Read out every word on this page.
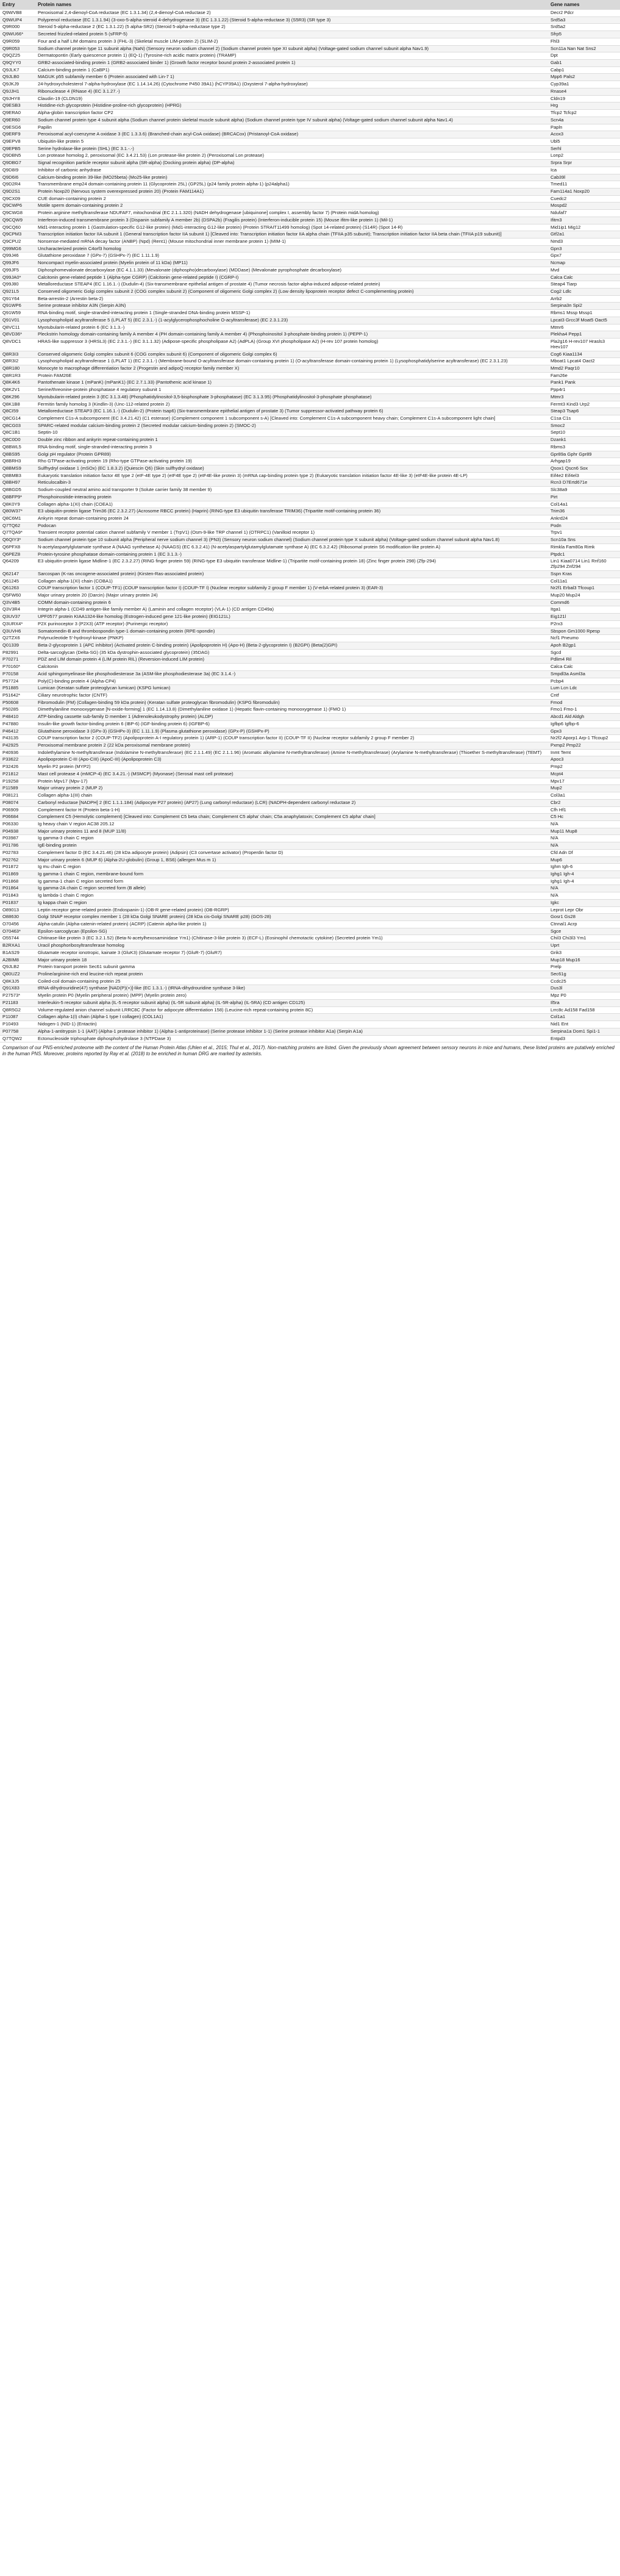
Entry	Protein names	Gene names
Q9WVB8	Peroxisomal 2,4-dienoyl-CoA reductase (EC 1.3.1.34) (2,4-dienoyl-CoA reductase 2)	Decr2 Pdcr
Q9WUP4	Polyprenol reductase (EC 1.3.1.94) (3-oxo-5-alpha-steroid 4-dehydrogenase 3) (EC 1.3.1.22) (Steroid 5-alpha-reductase 3) (S5R3) (SR type 3)	Srd5a3
Q9R000	Steroid 5-alpha-reductase 2 (EC 1.3.1.22) (5 alpha-SR2) (Steroid 5-alpha-reductase type 2)	Srd5a2
Q9WU66*	Secreted frizzled-related protein 5 (sFRP-5)	Sfrp5
Q9R059	Four and a half LIM domains protein 3 (FHL-3) (Skeletal muscle LIM-protein 2) (SLIM-2)	Fhl3
Q9R053	Sodium channel protein type 11 subunit alpha (NaN) (Sensory neuron sodium channel 2) (Sodium channel protein type XI subunit alpha) (Voltage-gated sodium channel subunit alpha Nav1.9)	Scn11a Nan Nat Sns2
Q9QZ25	Dermatopontin (Early quiescence protein 1) (EQ-1) (Tyrosine-rich acidic matrix protein) (TRAMP)	Dpt
Q9QYY0	GRB2-associated-binding protein 1 (GRB2-associated binder 1) (Growth factor receptor bound protein 2-associated protein 1)	Gab1
Q9JLK7	Calcium-binding protein 1 (CaBP1)	Cabp1
Q9JLB0	MAGUK p55 subfamily member 6 (Protein associated with Lin-7 1)	Mpp6 Pals2
Q9JKJ9	24-hydroxycholesterol 7-alpha-hydroxylase (EC 1.14.14.26) (Cytochrome P450 39A1) (hCYP39A1) (Oxysterol 7-alpha-hydroxylase)	Cyp39a1
Q9JJH1	Ribonuclease 4 (RNase 4) (EC 3.1.27.-)	Rnase4
Q9JHY8	Claudin-19 (CLDN19)	Cldn19
Q9ESB3	Histidine-rich glycoprotein (Histidine-proline-rich glycoprotein) (HPRG)	Hrg
Q9ERA0	Alpha-globin transcription factor CP2	Tfcp2 Tcfcp2
Q9ER60	Sodium channel protein type 4 subunit alpha (Sodium channel protein skeletal muscle subunit alpha) (Sodium channel protein type IV subunit alpha) (Voltage-gated sodium channel subunit alpha Nav1.4)	Scn4a
Q9ESG6	Papilin	Papln
Q9ERF9	Peroxisomal acyl-coenzyme A oxidase 3 (EC 1.3.3.6) (Branched-chain acyl-CoA oxidase) (BRCACox) (Pristanoyl-CoA oxidase)	Acox3
Q9EPV8	Ubiquitin-like protein 5	Ubl5
Q9EPB5	Serine hydrolase-like protein (SHL) (EC 3.1.-.-)	Serhl
Q9DBN5	Lon protease homolog 2, peroxisomal (EC 3.4.21.53) (Lon protease-like protein 2) (Peroxisomal Lon protease)	Lonp2
Q9DBG7	Signal recognition particle receptor subunit alpha (SR-alpha) (Docking protein alpha) (DP-alpha)	Srpra Srpr
Q9D8I9	Inhibitor of carbonic anhydrase	Ica
Q9D6I6	Calcium-binding protein 39-like (MO25beta) (Mo25-like protein)	Cab39l
Q9D2R4	Transmembrane emp24 domain-containing protein 11 (Glycoprotein 25L) (GP25L) (p24 family protein alpha-1) (p24alpha1)	Tmed11
Q9D2S1	Protein Noxp20 (Nervous system overexpressed protein 20) (Protein FAM114A1)	Fam114a1 Noxp20
Q9CX09	CUE domain-containing protein 2	Cuedc2
Q9CWP6	Motile sperm domain-containing protein 2	Mospd2
Q9CWG8	Protein arginine methyltransferase NDUFAF7, mitochondrial (EC 2.1.1.320) (NADH dehydrogenase [ubiquinone] complex I, assembly factor 7) (Protein midA homolog)	Ndufaf7
Q9CQW9	Interferon-induced transmembrane protein 3 (Dispanin subfamily A member 2b) (DSPA2b) (Fragilis protein) (Interferon-inducible protein 15) (Mouse ifitm-like protein 1) (Mil-1)	Ifitm3
Q9CQ60	Mid1-interacting protein 1 (Gastrulation-specific G12-like protein) (Mid1-interacting G12-like protein) (Protein STRAIT11499 homolog) (Spot 14-related protein) (S14R) (Spot 14-R)	Mid1ip1 Mig12
Q9CPM3	Transcription initiation factor IIA subunit 1 (General transcription factor IIA subunit 1) [Cleaved into: Transcription initiation factor IIA alpha chain (TFIIA p35 subunit); Transcription initiation factor IIA beta chain (TFIIA p19 subunit)]	Gtf2a1
Q9CPU2	Nonsense-mediated mRNA decay factor (ANBP) (Npd) (Rent1) (Mouse mitochondrial inner membrane protein 1) (MIM-1)	Nmd3
Q99MG6	Uncharacterized protein C4orf3 homolog	Gpn3
Q99J46	Glutathione peroxidase 7 (GPx-7) (GSHPx-7) (EC 1.11.1.9)	Gpx7
Q99JF6	Noncompact myelin-associated protein (Myelin protein of 11 kDa) (MP11)	Ncmap
Q99JF5	Diphosphomevalonate decarboxylase (EC 4.1.1.33) (Mevalonate (diphospho)decarboxylase) (MDDase) (Mevalonate pyrophosphate decarboxylase)	Mvd
Q99JA0*	Calcitonin gene-related peptide 1 (Alpha-type CGRP) (Calcitonin gene-related peptide I) (CGRP-I)	Calca Calc
Q99J80	Metalloreductase STEAP4 (EC 1.16.1.-) (Dudulin-4) (Six-transmembrane epithelial antigen of prostate 4) (Tumor necrosis factor-alpha-induced adipose-related protein)	Steap4 Tiarp
Q921L5	Conserved oligomeric Golgi complex subunit 2 (COG complex subunit 2) (Component of oligomeric Golgi complex 2) (Low density lipoprotein receptor defect C-complementing protein)	Cog2 Ldlc
Q91Y64	Beta-arrestin-2 (Arrestin beta-2)	Arrb2
Q91WP6	Serine protease inhibitor A3N (Serpin A3N)	Serpina3n Spi2
Q91W59	RNA-binding motif, single-stranded-interacting protein 1 (Single-stranded DNA-binding protein MSSP-1)	Rbms1 Mssp Mssp1
Q91V01	Lysophospholipid acyltransferase 5 (LPLAT 5) (EC 2.3.1.-) (1-acylglycerophosphocholine O-acyltransferase) (EC 2.3.1.23)	Lpcat3 Grcc3f Moat5 Oact5
Q8VC11	Myotubularin-related protein 6 (EC 3.1.3.-)	Mtmr6
Q8VD36*	Pleckstrin homology domain-containing family A member 4 (PH domain-containing family A member 4) (Phosphoinositol 3-phosphate-binding protein 1) (PEPP-1)	Plekha4 Pepp1
Q8VDC1	HRAS-like suppressor 3 (HRSL3) (EC 2.3.1.-) (EC 3.1.1.32) (Adipose-specific phospholipase A2) (AdPLA) (Group XVI phospholipase A2) (H-rev 107 protein homolog)	Pla2g16 H-rev107 Hrasls3 Hrev107
Q8R3I3	Conserved oligomeric Golgi complex subunit 6 (COG complex subunit 6) (Component of oligomeric Golgi complex 6)	Cog6 Kiaa1134
Q8R3I2	Lysophospholipid acyltransferase 1 (LPLAT 1) (EC 2.3.1.-) (Membrane-bound O-acyltransferase domain-containing protein 1) (O-acyltransferase domain-containing protein 1) (Lysophosphatidylserine acyltransferase) (EC 2.3.1.23)	Mboat1 Lpcat4 Oact2
Q8R180	Monocyte to macrophage differentiation factor 2 (Progestin and adipoQ receptor family member X)	Mmd2 Paqr10
Q8R1R3	Protein FAM26E	Fam26e
Q8K4K6	Pantothenate kinase 1 (mPanK) (mPanK1) (EC 2.7.1.33) (Pantothenic acid kinase 1)	Pank1 Pank
Q8K2V1	Serine/threonine-protein phosphatase 4 regulatory subunit 1	Ppp4r1
Q8K296	Myotubularin-related protein 3 (EC 3.1.3.48) (Phosphatidylinositol-3,5-bisphosphate 3-phosphatase) (EC 3.1.3.95) (Phosphatidylinositol-3-phosphate phosphatase)	Mtmr3
Q8K1B8	Fermitin family homolog 3 (Kindlin-3) (Unc-112-related protein 2)	Fermt3 Kind3 Urp2
Q8CI59	Metalloreductase STEAP3 (EC 1.16.1.-) (Dudulin-2) (Protein tsap6) (Six-transmembrane epithelial antigen of prostate 3) (Tumor suppressor-activated pathway protein 6)	Steap3 Tsap6
Q8CG14	Complement C1s-A subcomponent (EC 3.4.21.42) (C1 esterase) (Complement component 1 subcomponent s-A) [Cleaved into: Complement C1s-A subcomponent heavy chain; Complement C1s-A subcomponent light chain]	C1sa C1s
Q8CG03	SPARC-related modular calcium-binding protein 2 (Secreted modular calcium-binding protein 2) (SMOC-2)	Smoc2
Q8C1B1	Septin-10	Sept10
Q8C0D0	Double zinc ribbon and ankyrin repeat-containing protein 1	Dzank1
Q8BWL5	RNA-binding motif, single-stranded-interacting protein 3	Rbms3
Q8BS95	Golgi pH regulator (Protein GPR89)	Gpr89a Gphr Gpr89
Q8BRH3	Rho GTPase-activating protein 19 (Rho-type GTPase-activating protein 19)	Arhgap19
Q8BMS9	Sulfhydryl oxidase 1 (mSOx) (EC 1.8.3.2) (Quiescin Q6) (Skin sulfhydryl oxidase)	Qsox1 Qscn6 Sox
Q8BMB3	Eukaryotic translation initiation factor 4E type 2 (eIF-4E type 2) (eIF4E type 2) (eIF4E-like protein 3) (mRNA cap-binding protein type 2) (Eukaryotic translation initiation factor 4E-like 3) (eIF4E-like protein 4E-LP)	Eif4e2 Eif4el3
Q8BH97	Reticulocalbin-3	Rcn3 D7Ertd671e
Q8BGD5	Sodium-coupled neutral amino acid transporter 9 (Solute carrier family 38 member 9)	Slc38a9
Q8BFP9*	Phosphoinositide-interacting protein	Pirt
Q8K0Y9	Collagen alpha-1(XI) chain (COEA1)	Col14a1
Q80W37*	E3 ubiquitin-protein ligase Trim36 (EC 2.3.2.27) (Acrosome RBCC protein) (Haprin) (RING-type E3 ubiquitin transferase TRIM36) (Tripartite motif-containing protein 36)	Trim36
Q8C6M1	Ankyrin repeat domain-containing protein 24	Ankrd24
Q7TQ62	Podocan	Podn
Q7TQA9*	Transient receptor potential cation channel subfamily V member 1 (TrpV1) (Osm-9-like TRP channel 1) (OTRPC1) (Vanilloid receptor 1)	Trpv1
Q6QIY3*	Sodium channel protein type 10 subunit alpha (Peripheral nerve sodium channel 3) (PN3) (Sensory neuron sodium channel) (Sodium channel protein type X subunit alpha) (Voltage-gated sodium channel subunit alpha Nav1.8)	Scn10a Sns
Q6PFX8	N-acetylaspartylglutamate synthase A (NAAG synthetase A) (NAAGS) (EC 6.3.2.41) (N-acetylaspartylglutamylglutamate synthase A) (EC 6.3.2.42) (Ribosomal protein S6 modification-like protein A)	Rimkla Fam80a Rimk
Q6PEZ8	Protein-tyrosine phosphatase domain-containing protein 1 (EC 3.1.3.-)	Ptpdc1
Q64209	E3 ubiquitin-protein ligase Midline-1 (EC 2.3.2.27) (RING finger protein 59) (RING-type E3 ubiquitin transferase Midline-1) (Tripartite motif-containing protein 18) (Zinc finger protein 298) (Zfp-294)	Lin1 Kiaa0714 Lin1 Rnf160 Zfp294 Znf294
Q62147	Sarcospan (K-ras oncogene-associated protein) (Kirsten-Ras-associated protein)	Sspn Kras
Q61245	Collagen alpha-1(XI) chain (COBA1)	Col11a1
Q61263	COUP transcription factor 1 (COUP-TF1) (COUP transcription factor I) (COUP-TF I) (Nuclear receptor subfamily 2 group F member 1) (V-erbA-related protein 3) (EAR-3)	Nr2f1 Erbal3 Tfcoup1
Q5FW60	Major urinary protein 20 (Darcin) (Major urinary protein 24)	Mup20 Mup24
Q3V4B5	COMM domain-containing protein 6	Commd6
Q3V3R4	Integrin alpha-1 (CD49 antigen-like family member A) (Laminin and collagen receptor) (VLA-1) (CD antigen CD49a)	Itga1
Q3UV37	UPF0577 protein KIAA1324-like homolog (Estrogen-induced gene 121-like protein) (EIG121L)	Eig121l
Q3URX4*	P2X purinoceptor 3 (P2X3) (ATP receptor) (Purinergic receptor)	P2rx3
Q3UVH6	Somatomedin-B and thrombospondin type-1 domain-containing protein (RPE-spondin)	Sbspon Gm1000 Rpesp
Q2TZX6	Polynucleotide 5'-hydroxyl-kinase (PNKP)	Ncf1 Pneumo
Q01339	Beta-2-glycoprotein 1 (APC inhibitor) (Activated protein C-binding protein) (Apolipoprotein H) (Apo-H) (Beta-2-glycoprotein I) (B2GPI) (Beta(2)GPI)	Apoh B2gp1
P82991	Delta-sarcoglycan (Delta-SG) (35 kDa dystrophin-associated glycoprotein) (35DAG)	Sgcd
P70271	PDZ and LIM domain protein 4 (LIM protein RIL) (Reversion-induced LIM protein)	Pdlim4 Ril
P70160*	Calcitonin	Calca Calc
P70158	Acid sphingomyelinase-like phosphodiesterase 3a (ASM-like phosphodiesterase 3a) (EC 3.1.4.-)	Smpdl3a Asml3a
P57724	Poly(C)-binding protein 4 (Alpha-CP4)	Pcbp4
P51885	Lumican (Keratan sulfate proteoglycan lumican) (KSPG lumican)	Lum Lcn Ldc
P51642*	Ciliary neurotrophic factor (CNTF)	Cntf
P50608	Fibromodulin (FM) (Collagen-binding 59 kDa protein) (Keratan sulfate proteoglycan fibromodulin) (KSPG fibromodulin)	Fmod
P50285	Dimethylaniline monooxygenase [N-oxide-forming] 1 (EC 1.14.13.8) (Dimethylaniline oxidase 1) (Hepatic flavin-containing monooxygenase 1) (FMO 1)	Fmo1 Fmo-1
P48410	ATP-binding cassette sub-family D member 1 (Adrenoleukodystrophy protein) (ALDP)	Abcd1 Ald Aldgh
P47880	Insulin-like growth factor-binding protein 6 (IBP-6) (IGF-binding protein 6) (IGFBP-6)	Igfbp6 Igfbp-6
P46412	Glutathione peroxidase 3 (GPx-3) (GSHPx-3) (EC 1.11.1.9) (Plasma glutathione peroxidase) (GPx-P) (GSHPx-P)	Gpx3
P43135	COUP transcription factor 2 (COUP-TF2) (Apolipoprotein A-I regulatory protein 1) (ARP-1) (COUP transcription factor II) (COUP-TF II) (Nuclear receptor subfamily 2 group F member 2)	Nr2f2 Aporp1 Arp-1 Tfcoup2
P42925	Peroxisomal membrane protein 2 (22 kDa peroxisomal membrane protein)	Pxmp2 Pmp22
P40936	Indolethylamine N-methyltransferase (Indolamine N-methyltransferase) (EC 2.1.1.49) (EC 2.1.1.96) (Aromatic alkylamine N-methyltransferase) (Amine N-methyltransferase) (Arylamine N-methyltransferase) (Thioether S-methyltransferase) (TEMT)	Inmt Temt
P33622	Apolipoprotein C-III (Apo-CIII) (ApoC-III) (Apolipoprotein C3)	Apoc3
P32426	Myelin P2 protein (MYP2)	Pmp2
P21812	Mast cell protease 4 (mMCP-4) (EC 3.4.21.-) (MSMCP) (Myonase) (Serosal mast cell protease)	Mcpt4
P19258	Protein Mpv17 (Mpv-17)	Mpv17
P11589	Major urinary protein 2 (MUP 2)	Mup2
P08121	Collagen alpha-1(III) chain	Col3a1
P08074	Carbonyl reductase [NADPH] 2 (EC 1.1.1.184) (Adipocyte P27 protein) (AP27) (Lung carbonyl reductase) (LCR) (NADPH-dependent carbonyl reductase 2)	Cbr2
P06909	Complement factor H (Protein beta-1-H)	Cfh Hf1
P06684	Complement C5 (Hemolytic complement) [Cleaved into: Complement C5 beta chain; Complement C5 alpha' chain; C5a anaphylatoxin; Complement C5 alpha' chain]	C5 Hc
P06330	Ig heavy chain V region AC38 205.12	N/A
P04938	Major urinary proteins 11 and 8 (MUP 11/8)	Mup11 Mup8
P03987	Ig gamma-3 chain C region	N/A
P01786	IgE-binding protein	N/A
P02783	Complement factor D (EC 3.4.21.46) (28 kDa adipocyte protein) (Adipsin) (C3 convertase activator) (Properdin factor D)	Cfd Adn Df
P02762	Major urinary protein 6 (MUP 6) (Alpha-2U-globulin) (Group 1, BS6) (allergen Mus m 1)	Mup6
P01872	Ig mu chain C region	Ighm Igh-6
P01869	Ig gamma-1 chain C region, membrane-bound form	Ighg1 Igh-4
P01868	Ig gamma-1 chain C region secreted form	Ighg1 Igh-4
P01864	Ig gamma-2A chain C region secreted form (B allele)	N/A
P01843	Ig lambda-1 chain C region	N/A
P01837	Ig kappa chain C region	Igkc
O89013	Leptin receptor gene-related protein (Endospanin-1) (OB-R gene-related protein) (OB-RGRP)	Leprot Lepr Obr
O88630	Golgi SNAP receptor complex member 1 (28 kDa Golgi SNARE protein) (28 kDa cis-Golgi SNARE p28) (GOS-28)	Gosr1 Gs28
O70456	Alpha-catulin (Alpha-catenin-related protein) (ACRP) (Catenin alpha-like protein 1)	Ctnnal1 Acrp
O70463*	Epsilon-sarcoglycan (Epsilon-SG)	Sgce
O55744	Chitinase-like protein 3 (EC 3.2.1.52) (Beta-N-acetylhexosaminidase Ym1) (Chitinase-3-like protein 3) (ECF-L) (Eosinophil chemotactic cytokine) (Secreted protein Ym1)	Chil3 Chi3l3 Ym1
B2RXA1	Uracil phosphoribosyltransferase homolog	Uprt
B1AS29	Glutamate receptor ionotropic, kainate 3 (GluK3) (Glutamate receptor 7) (GluR-7) (GluR7)	Grik3
A2BIM8	Major urinary protein 18	Mup18 Mup16
Q9JLB2	Protein transport protein Sec61 subunit gamma	Prelp
Q80UZ2	Proline/arginine-rich end leucine-rich repeat protein	Sec61g
Q8K3J5	Coiled-coil domain-containing protein 25	Ccdc25
Q91X83	tRNA-dihydrouridine(47) synthase [NAD(P)(+)]-like (EC 1.3.1.-) (tRNA-dihydrouridine synthase 3-like)	Dus3l
P27573*	Myelin protein P0 (Myelin peripheral protein) (MPP) (Myelin protein zero)	Mpz P0
P21183	Interleukin-5 receptor subunit alpha (IL-5 receptor subunit alpha) (IL-5R subunit alpha) (IL-5R-alpha) (IL-5RA) (CD antigen CD125)	Il5ra
Q8R5G2	Volume-regulated anion channel subunit LRRC8C (Factor for adipocyte differentiation 158) (Leucine-rich repeat-containing protein 8C)	Lrrc8c Ad158 Fad158
P11087	Collagen alpha-1(I) chain (Alpha-1 type I collagen) (COL1A1)	Col1a1
P10493	Nidogen-1 (NID-1) (Entactin)	Nid1 Ent
P07758	Alpha-1-antitrypsin 1-1 (AAT) (Alpha-1 protease inhibitor 1) (Alpha-1-antiproteinase) (Serine protease inhibitor 1-1) (Serine protease inhibitor A1a) (Serpin A1a)	Serpina1a Dom1 Spi1-1
Q7TQW2	Ectonucleoside triphosphate diphosphohydrolase 3 (NTPDase 3)	Entpd3
Comparison of our PNS-enriched proteome with the content of the Human Protein Atlas (Uhlen et al., 2015; Thul et al., 2017). Non-matching proteins are listed. Given the previously shown agreement between sensory neurons in mice and humans, these listed proteins are putatively enriched in the human PNS. Moreover, proteins reported by Ray et al. (2018) to be enriched in human DRG are marked by asterisks.
